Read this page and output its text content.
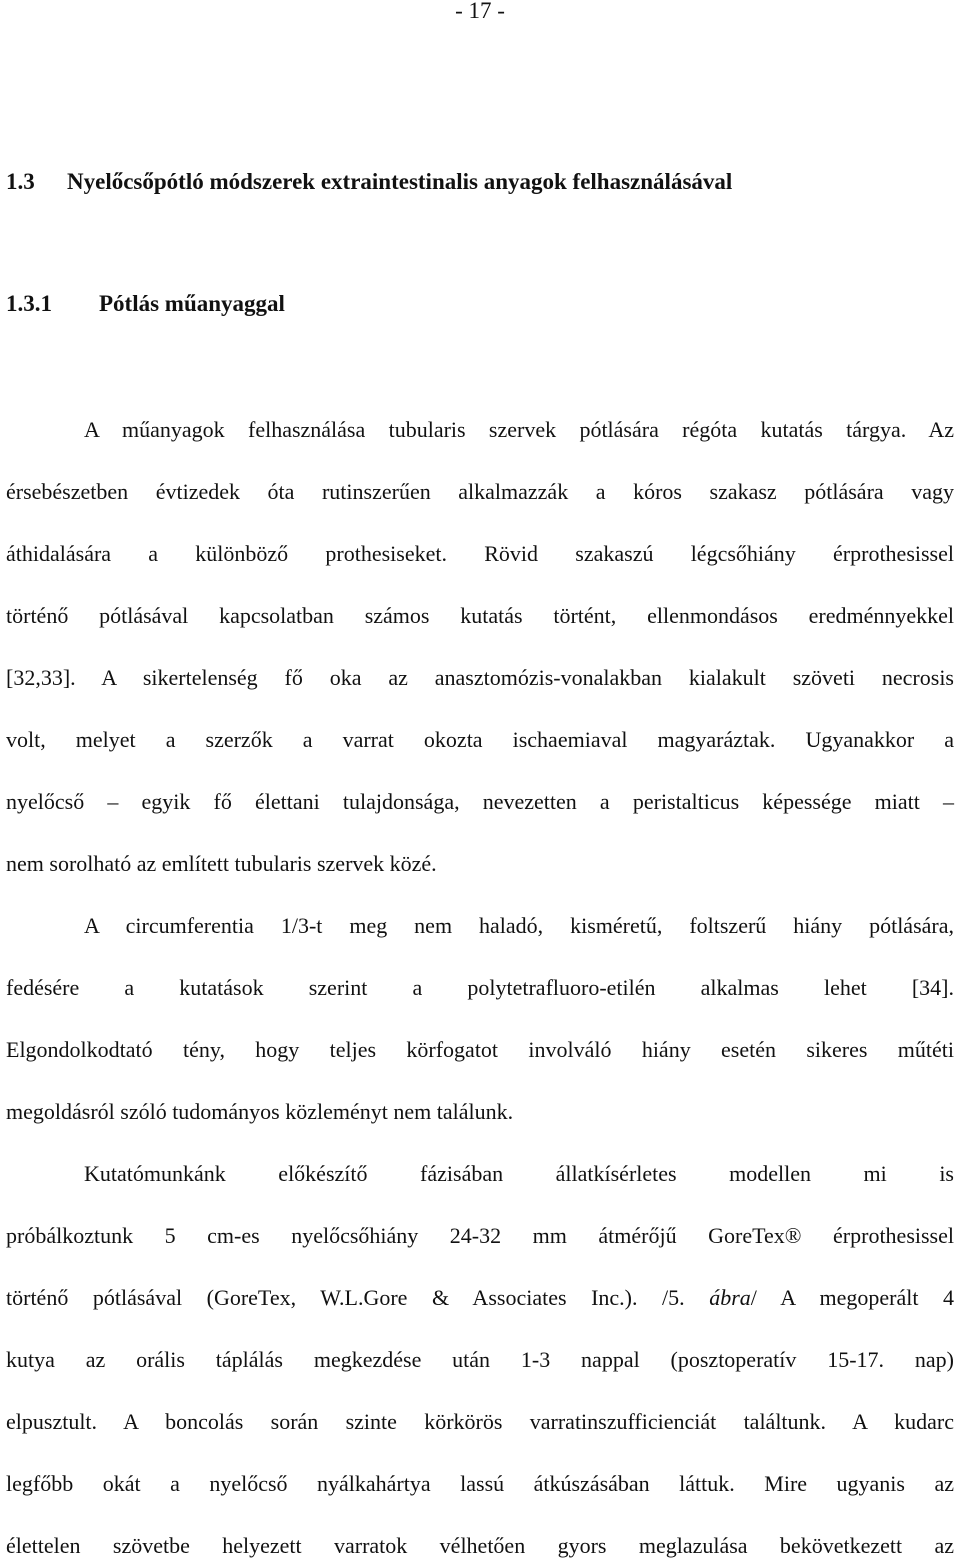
- 17 -
1.3 Nyelőcsőpótló módszerek extraintestinalis anyagok felhasználásával
1.3.1 Pótlás műanyaggal
A műanyagok felhasználása tubularis szervek pótlására régóta kutatás tárgya. Az
érsebészetben évtizedek óta rutinszerűen alkalmazzák a kóros szakasz pótlására vagy
áthidalására a különböző prothesiseket. Rövid szakaszú légcsőhiány érprothesissel
történő pótlásával kapcsolatban számos kutatás történt, ellenmondásos eredménnyekkel
[32,33]. A sikertelenség fő oka az anasztomózis-vonalakban kialakult szöveti necrosis
volt, melyet a szerzők a varrat okozta ischaemiaval magyaráztak. Ugyanakkor a
nyelőcső – egyik fő élettani tulajdonsága, nevezetten a peristalticus képessége miatt –
nem sorolható az említett tubularis szervek közé.
A circumferentia 1/3-t meg nem haladó, kisméretű, foltszerű hiány pótlására,
fedésére a kutatások szerint a polytetrafluoro-etilén alkalmas lehet [34].
Elgondolkodtató tény, hogy teljes körfogatot involváló hiány esetén sikeres műtéti
megoldásról szóló tudományos közleményt nem találunk.
Kutatómunkánk előkészítő fázisában állatkísérletes modellen mi is
próbálkoztunk 5 cm-es nyelőcsőhiány 24-32 mm átmérőjű GoreTex® érprothesissel
történő pótlásával (GoreTex, W.L.Gore & Associates Inc.). /5. ábra/ A megoperált 4
kutya az orális táplálás megkezdése után 1-3 nappal (posztoperatív 15-17. nap)
elpusztult. A boncolás során szinte körkörös varratinszufficienciát találtunk. A kudarc
legfőbb okát a nyelőcső nyálkahártya lassú átkúszásában láttuk. Mire ugyanis az
élettelen szövetbe helyezett varratok vélhetően gyors meglazulása bekövetkezett az
